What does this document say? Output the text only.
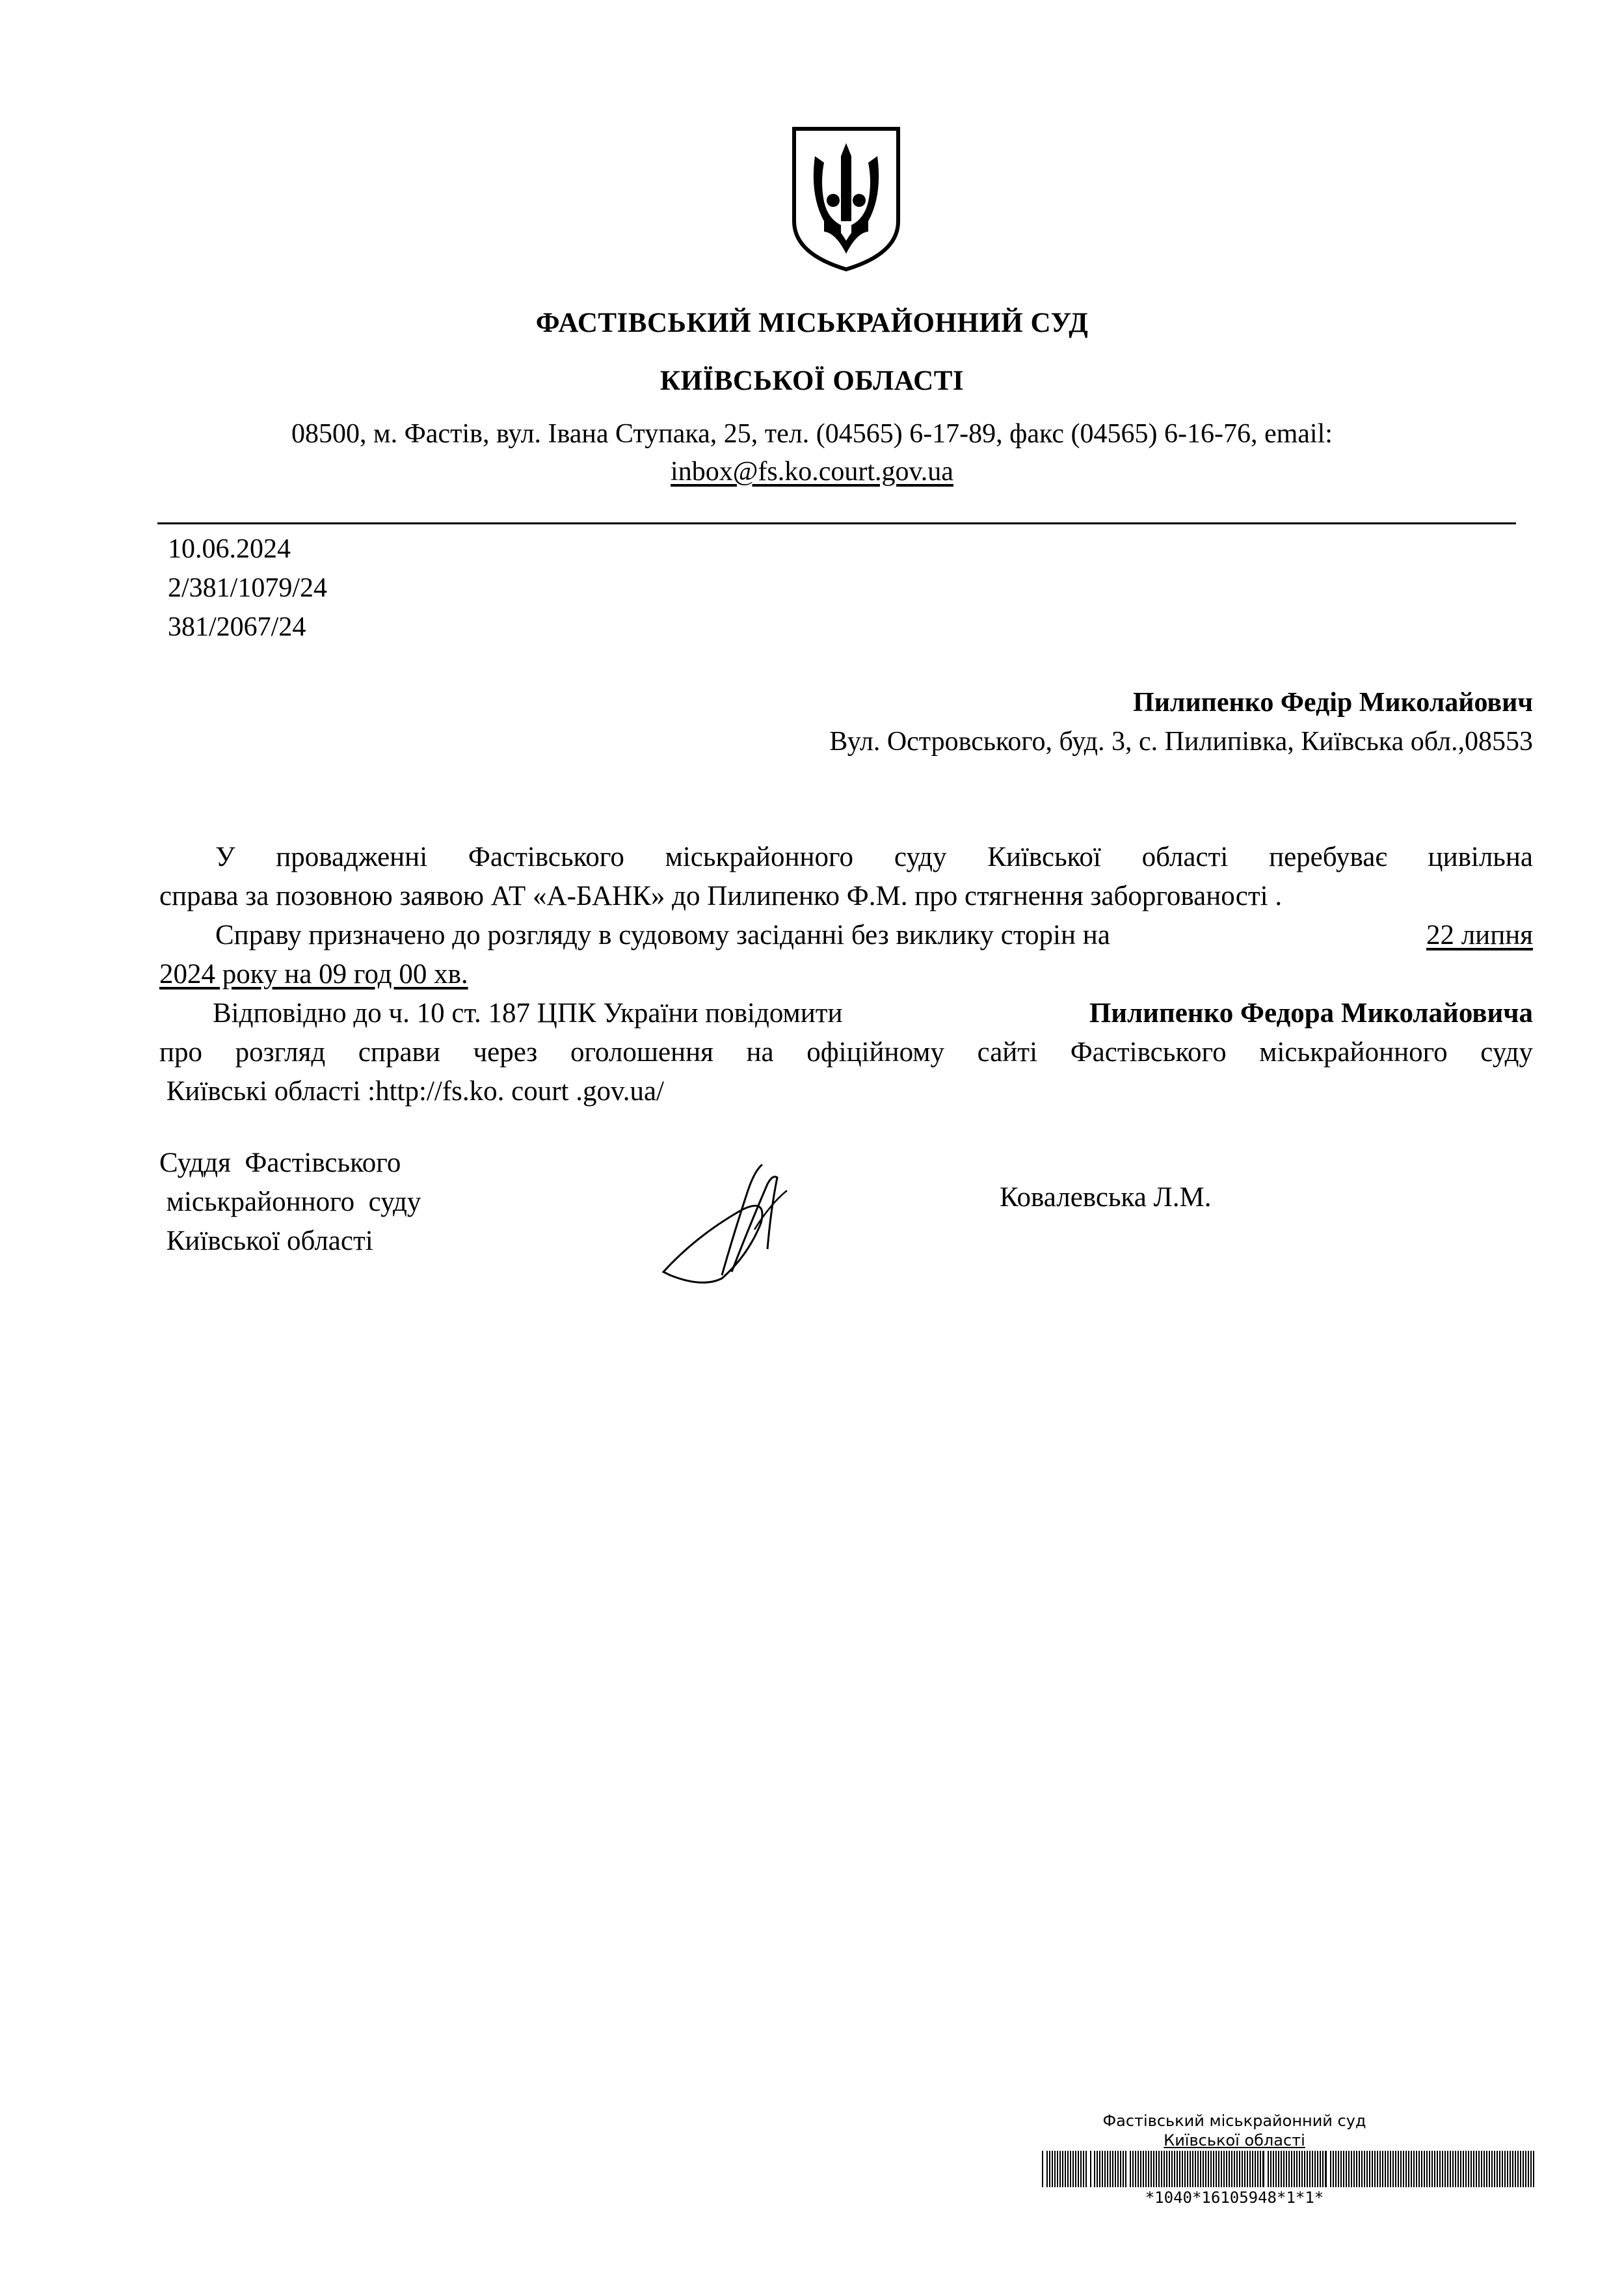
ФАСТІВСЬКИЙ МІСЬКРАЙОННИЙ СУД
КИЇВСЬКОЇ ОБЛАСТІ
08500, м. Фастів, вул. Івана Ступака, 25, тел. (04565) 6-17-89, факс (04565) 6-16-76, email:
inbox@fs.ko.court.gov.ua
10.06.2024
2/381/1079/24
381/2067/24
Пилипенко Федір Миколайович
Вул. Островського, буд. 3, с. Пилипівка, Київська обл.,08553
У провадженні Фастівського міськрайонного суду Київської області перебуває цивільна
справа за позовною заявою АТ «А-БАНК» до Пилипенко Ф.М. про стягнення заборгованості .
Справу призначено до розгляду в судовому засіданні без виклику сторін на	22 липня
2024 року на 09 год 00 хв.
Відповідно до ч. 10 ст. 187 ЦПК України повідомити	Пилипенко Федора Миколайовича
про розгляд справи через оголошення на офіційному сайті Фастівського міськрайонного суду
Київські області :http://fs.ko. court .gov.ua/
Суддя  Фастівського
міськрайонного  суду
Київської області
Ковалевська Л.М.
Фастівський міськрайонний суд
Київської області
*1040*16105948*1*1*
